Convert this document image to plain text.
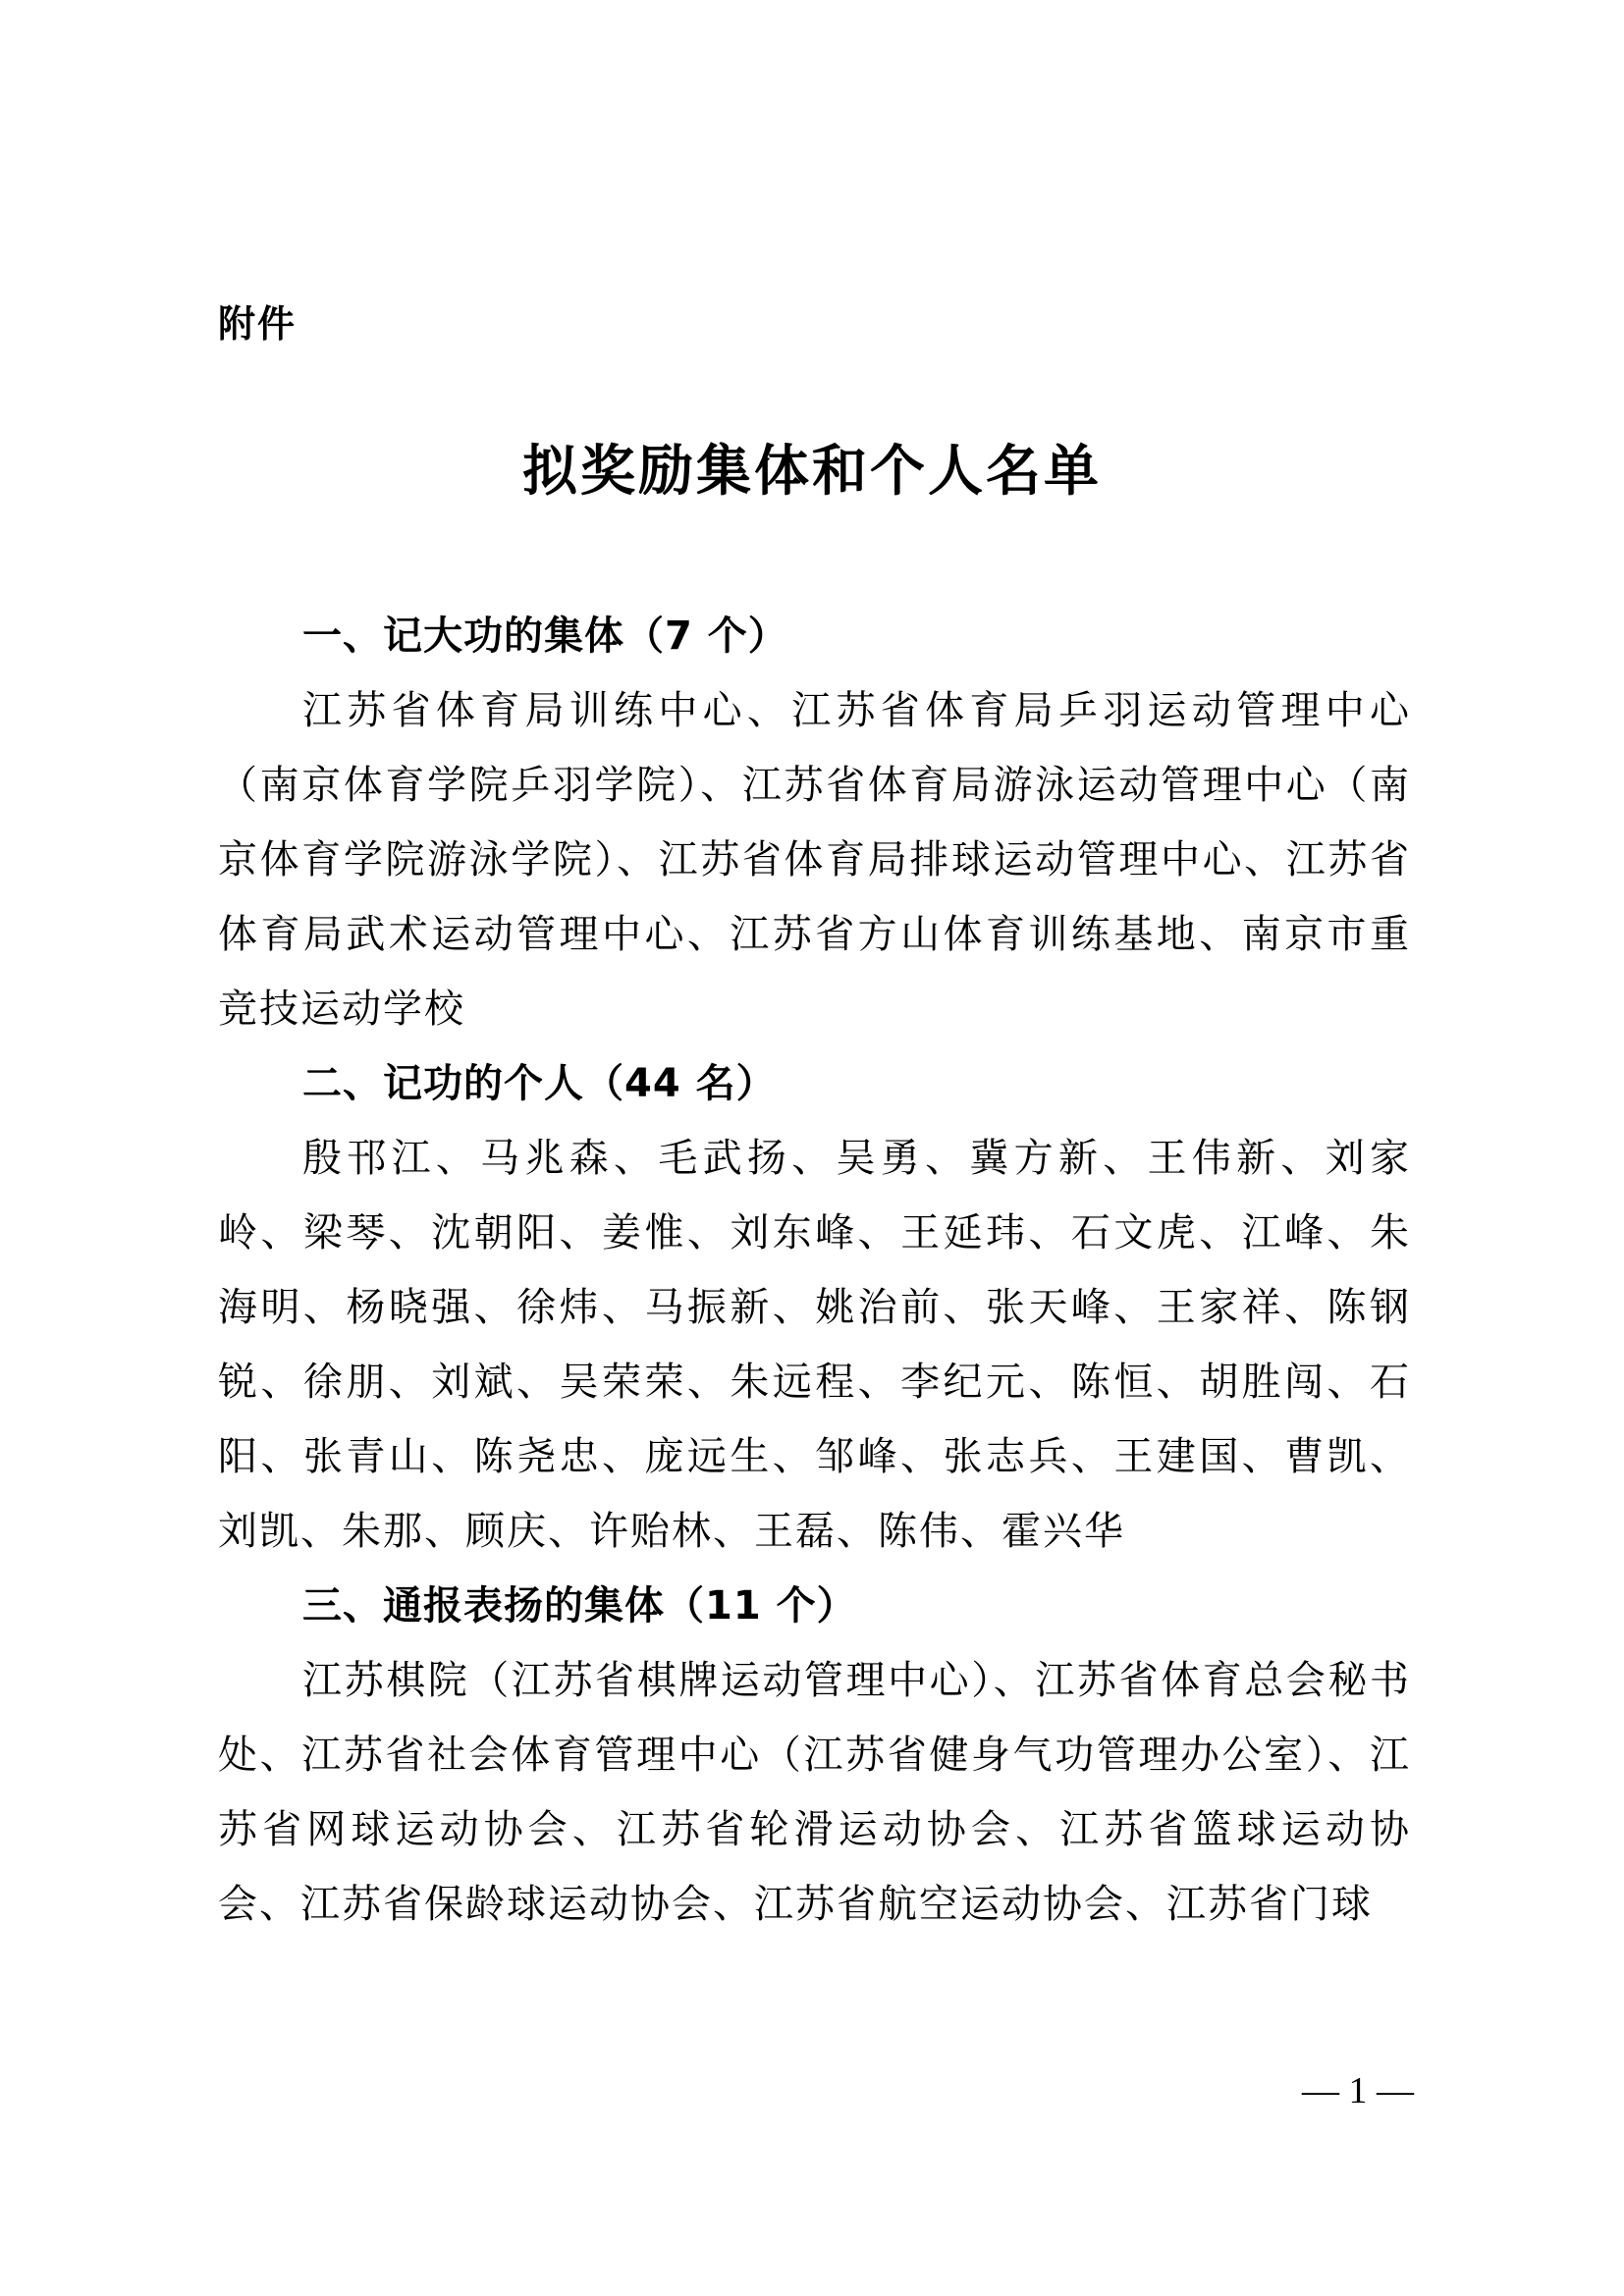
附件
拟奖励集体和个人名单

一、记大功的集体（7 个）

江苏省体育局训练中心、江苏省体育局乒羽运动管理中心（南京体育学院乒羽学院）、江苏省体育局游泳运动管理中心（南京体育学院游泳学院）、江苏省体育局排球运动管理中心、江苏省体育局武术运动管理中心、江苏省方山体育训练基地、南京市重竞技运动学校

二、记功的个人（44 名）

殷邗江、马兆森、毛武扬、吴勇、冀方新、王伟新、刘家岭、梁琴、沈朝阳、姜惟、刘东峰、王延玮、石文虎、江峰、朱海明、杨晓强、徐炜、马振新、姚治前、张天峰、王家祥、陈钢锐、徐朋、刘斌、吴荣荣、朱远程、李纪元、陈恒、胡胜闯、石阳、张青山、陈尧忠、庞远生、邹峰、张志兵、王建国、曹凯、刘凯、朱那、顾庆、许贻林、王磊、陈伟、霍兴华

三、通报表扬的集体（11 个）

江苏棋院（江苏省棋牌运动管理中心）、江苏省体育总会秘书处、江苏省社会体育管理中心（江苏省健身气功管理办公室）、江苏省网球运动协会、江苏省轮滑运动协会、江苏省篮球运动协会、江苏省保龄球运动协会、江苏省航空运动协会、江苏省门球

— 1 —
